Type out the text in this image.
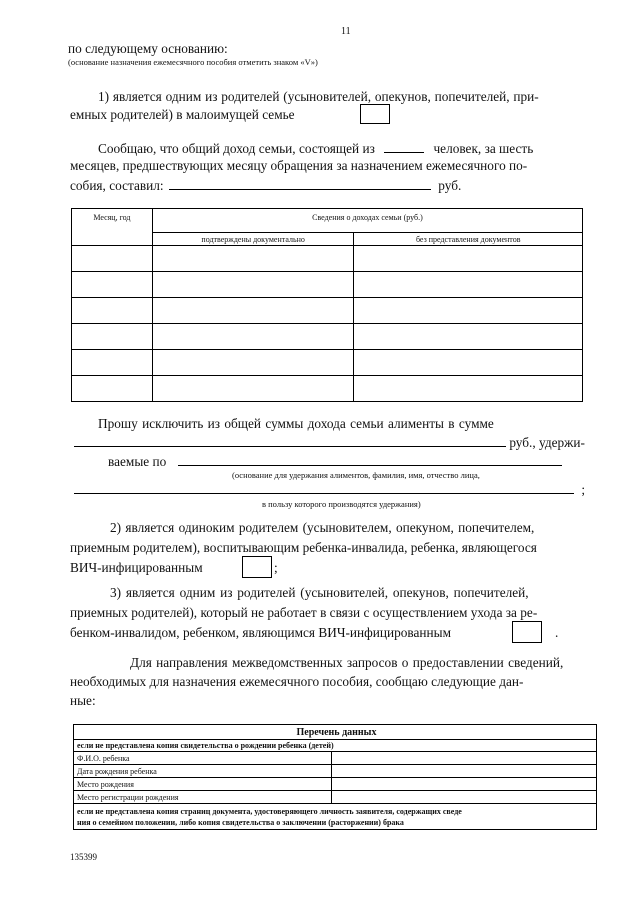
11
по следующему основанию:
(основание назначения ежемесячного пособия отметить знаком «V»)
1) является одним из родителей (усыновителей, опекунов, попечителей, при-
емных родителей) в малоимущей семье
Сообщаю, что общий доход семьи, состоящей из	человек, за шесть
месяцев, предшествующих месяцу обращения за назначением ежемесячного по-
собия, составил:	руб.
Месяц, год	Сведения о доходах семьи (руб.)	
	подтверждены документально	без представления документов

Прошу исключить из общей суммы дохода семьи алименты в сумме
руб., удержи-
ваемые по
(основание для удержания алиментов, фамилия, имя, отчество лица,
;
в пользу которого производятся удержания)
2) является одиноким родителем (усыновителем, опекуном, попечителем,
приемным родителем), воспитывающим ребенка-инвалида, ребенка, являющегося
ВИЧ-инфицированным	;
3) является одним из родителей (усыновителей, опекунов, попечителей,
приемных родителей), который не работает в связи с осуществлением ухода за ре-
бенком-инвалидом, ребенком, являющимся ВИЧ-инфицированным	.
Для направления межведомственных запросов о предоставлении сведений,
необходимых для назначения ежемесячного пособия, сообщаю следующие дан-
ные:
Перечень данных	
если не представлена копия свидетельства о рождении ребенка (детей)	
Ф.И.О. ребенка	
Дата рождения ребенка	
Место рождения	
Место регистрации рождения	

если не представлена копия страниц документа, удостоверяющего личность заявителя, содержащих сведе
ния о семейном положении, либо копия свидетельства о заключении (расторжении) брака	
135399
